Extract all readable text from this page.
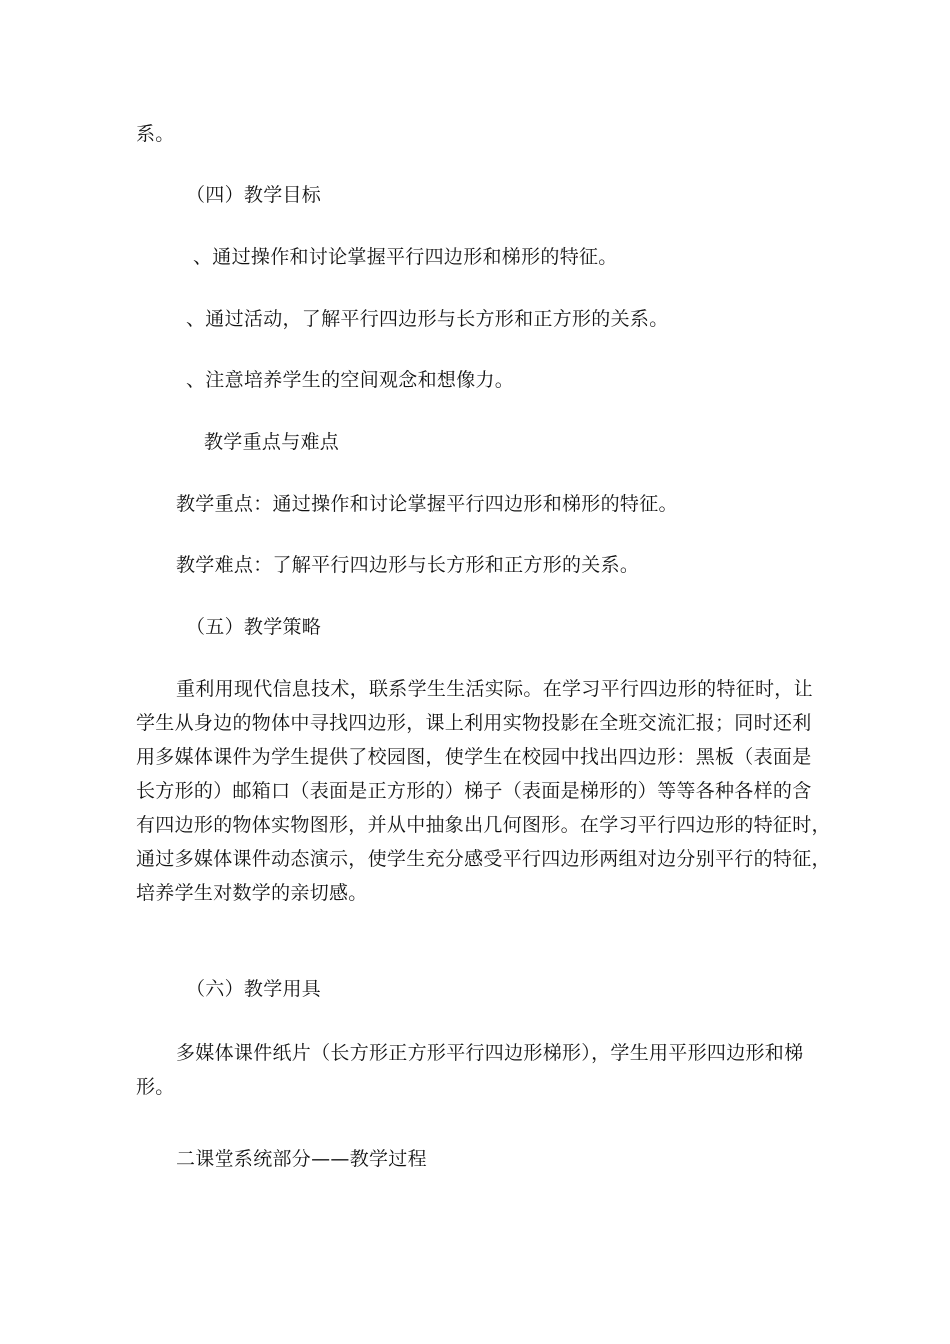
系。
（四）教学目标
、通过操作和讨论掌握平行四边形和梯形的特征。
、通过活动，了解平行四边形与长方形和正方形的关系。
、注意培养学生的空间观念和想像力。
教学重点与难点
教学重点：通过操作和讨论掌握平行四边形和梯形的特征。
教学难点：了解平行四边形与长方形和正方形的关系。
（五）教学策略
重利用现代信息技术，联系学生生活实际。在学习平行四边形的特征时，让
学生从身边的物体中寻找四边形，课上利用实物投影在全班交流汇报；同时还利
用多媒体课件为学生提供了校园图，使学生在校园中找出四边形：黑板（表面是
长方形的）邮箱口（表面是正方形的）梯子（表面是梯形的）等等各种各样的含
有四边形的物体实物图形，并从中抽象出几何图形。在学习平行四边形的特征时，
通过多媒体课件动态演示，使学生充分感受平行四边形两组对边分别平行的特征，
培养学生对数学的亲切感。
（六）教学用具
多媒体课件纸片（长方形正方形平行四边形梯形），学生用平形四边形和梯
形。
二课堂系统部分——教学过程
